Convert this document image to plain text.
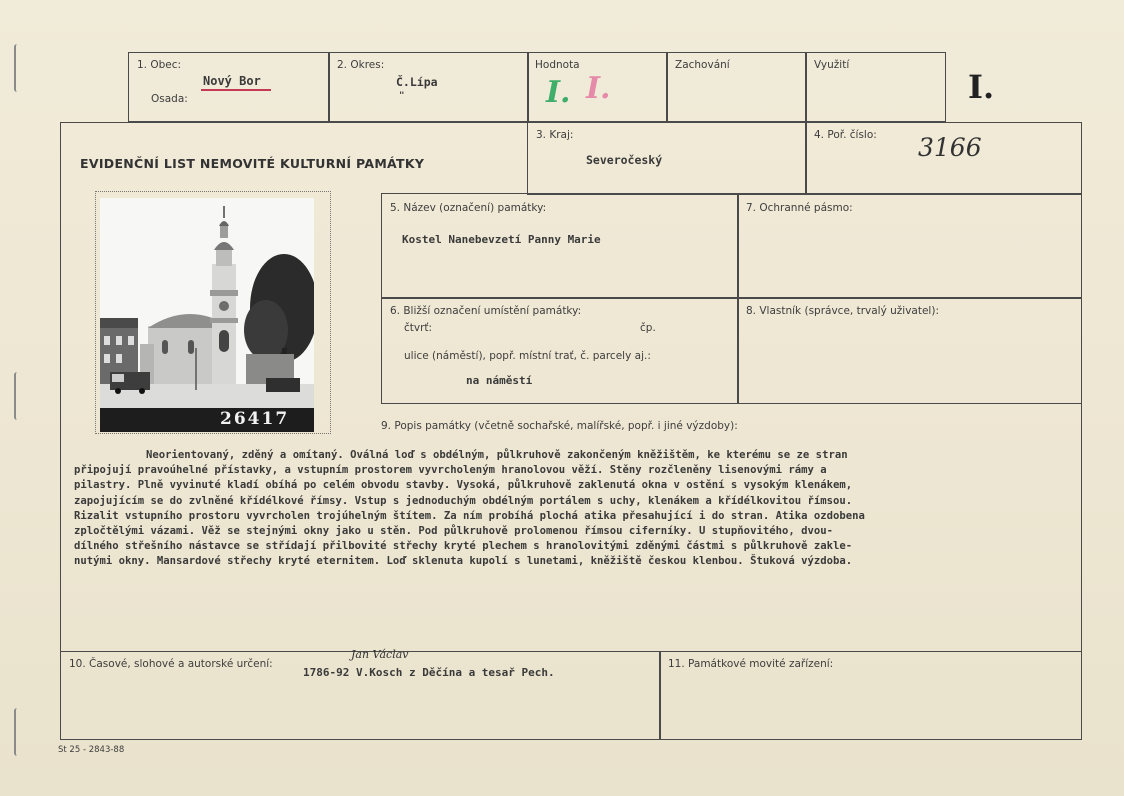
1. Obec:
Nový Bor
Osada:
2. Okres:
Č.Lípa
"
Hodnota
I. I.
Zachování	Využití
I.
EVIDENČNÍ LIST NEMOVITÉ KULTURNÍ PAMÁTKY
3. Kraj:
Severočeský
4. Poř. číslo: 3166
26417
5. Název (označení) památky:
Kostel Nanebevzetí Panny Marie
7. Ochranné pásmo:
6. Bližší označení umístění památky:
čtvrť:	čp.
ulice (náměstí), popř. místní trať, č. parcely aj.:
na náměstí
8. Vlastník (správce, trvalý uživatel):
9. Popis památky (včetně sochařské, malířské, popř. i jiné výzdoby):
Neorientovaný, zděný a omítaný. Oválná loď s obdélným, půlkruhově zakončeným kněžištěm, ke kterému se ze stran
připojují pravoúhelné přístavky, a vstupním prostorem vyvrcholeným hranolovou věží. Stěny rozčleněny lisenovými rámy a
pilastry. Plně vyvinuté kladí obíhá po celém obvodu stavby. Vysoká, půlkruhově zaklenutá okna v ostění s vysokým klenákem,
zapojujícím se do zvlněné křídélkové římsy. Vstup s jednoduchým obdélným portálem s uchy, klenákem a křídélkovitou římsou.
Rizalit vstupního prostoru vyvrcholen trojúhelným štítem. Za ním probíhá plochá atika přesahující i do stran. Atika ozdobena
zpločtělými vázami. Věž se stejnými okny jako u stěn. Pod půlkruhově prolomenou římsou ciferníky. U stupňovitého, dvou-
dílného střešního nástavce se střídají přilbovité střechy kryté plechem s hranolovitými zděnými částmi s půlkruhově zakle-
nutými okny. Mansardové střechy kryté eternitem. Loď sklenuta kupolí s lunetami, kněžiště českou klenbou. Štuková výzdoba.
10. Časové, slohové a autorské určení:
Jan Václav
1786-92 V.Kosch z Děčína a tesař Pech.
11. Památkové movité zařízení:
St 25 - 2843-88
